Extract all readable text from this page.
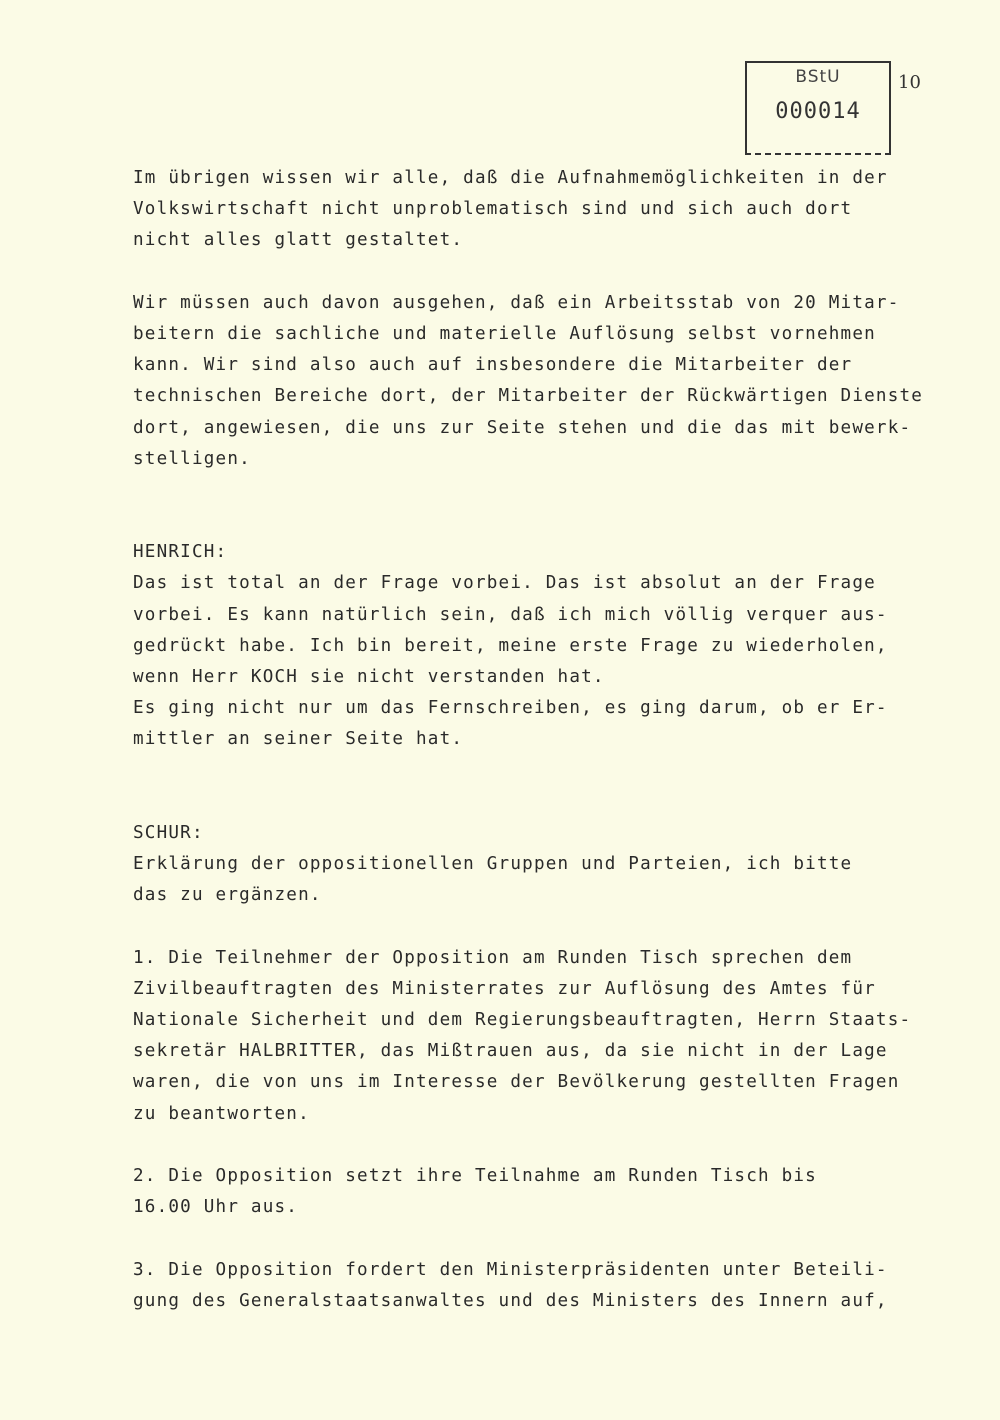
BStU
000014
10
Im übrigen wissen wir alle, daß die Aufnahmemöglichkeiten in der
Volkswirtschaft nicht unproblematisch sind und sich auch dort
nicht alles glatt gestaltet.
Wir müssen auch davon ausgehen, daß ein Arbeitsstab von 20 Mitar-
beitern die sachliche und materielle Auflösung selbst vornehmen
kann. Wir sind also auch auf insbesondere die Mitarbeiter der
technischen Bereiche dort, der Mitarbeiter der Rückwärtigen Dienste
dort, angewiesen, die uns zur Seite stehen und die das mit bewerk-
stelligen.
HENRICH:
Das ist total an der Frage vorbei. Das ist absolut an der Frage
vorbei. Es kann natürlich sein, daß ich mich völlig verquer aus-
gedrückt habe. Ich bin bereit, meine erste Frage zu wiederholen,
wenn Herr KOCH sie nicht verstanden hat.
Es ging nicht nur um das Fernschreiben, es ging darum, ob er Er-
mittler an seiner Seite hat.
SCHUR:
Erklärung der oppositionellen Gruppen und Parteien, ich bitte
das zu ergänzen.
1. Die Teilnehmer der Opposition am Runden Tisch sprechen dem
Zivilbeauftragten des Ministerrates zur Auflösung des Amtes für
Nationale Sicherheit und dem Regierungsbeauftragten, Herrn Staats-
sekretär HALBRITTER, das Mißtrauen aus, da sie nicht in der Lage
waren, die von uns im Interesse der Bevölkerung gestellten Fragen
zu beantworten.
2. Die Opposition setzt ihre Teilnahme am Runden Tisch bis
16.00 Uhr aus.
3. Die Opposition fordert den Ministerpräsidenten unter Beteili-
gung des Generalstaatsanwaltes und des Ministers des Innern auf,
